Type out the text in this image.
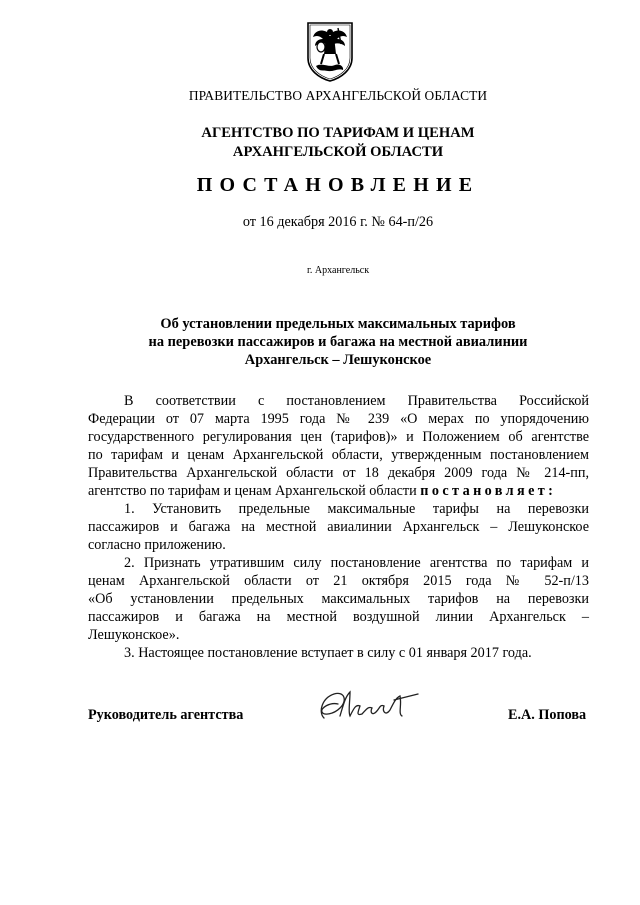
ПРАВИТЕЛЬСТВО АРХАНГЕЛЬСКОЙ ОБЛАСТИ
АГЕНТСТВО ПО ТАРИФАМ И ЦЕНАМ
АРХАНГЕЛЬСКОЙ ОБЛАСТИ
ПОСТАНОВЛЕНИЕ
от 16 декабря 2016 г. № 64-п/26
г. Архангельск
Об установлении предельных максимальных тарифов
на перевозки пассажиров и багажа на местной авиалинии
Архангельск – Лешуконское
В соответствии с постановлением Правительства Российской
Федерации от 07 марта 1995 года № 239 «О мерах по упорядочению
государственного регулирования цен (тарифов)» и Положением об агентстве
по тарифам и ценам Архангельской области, утвержденным постановлением
Правительства Архангельской области от 18 декабря 2009 года № 214-пп,
агентство по тарифам и ценам Архангельской области постановляет:
1. Установить предельные максимальные тарифы на перевозки
пассажиров и багажа на местной авиалинии Архангельск – Лешуконское
согласно приложению.
2. Признать утратившим силу постановление агентства по тарифам и
ценам Архангельской области от 21 октября 2015 года № 52-п/13
«Об установлении предельных максимальных тарифов на перевозки
пассажиров и багажа на местной воздушной линии Архангельск –
Лешуконское».
3. Настоящее постановление вступает в силу с 01 января 2017 года.
Руководитель агентства	Е.А. Попова
